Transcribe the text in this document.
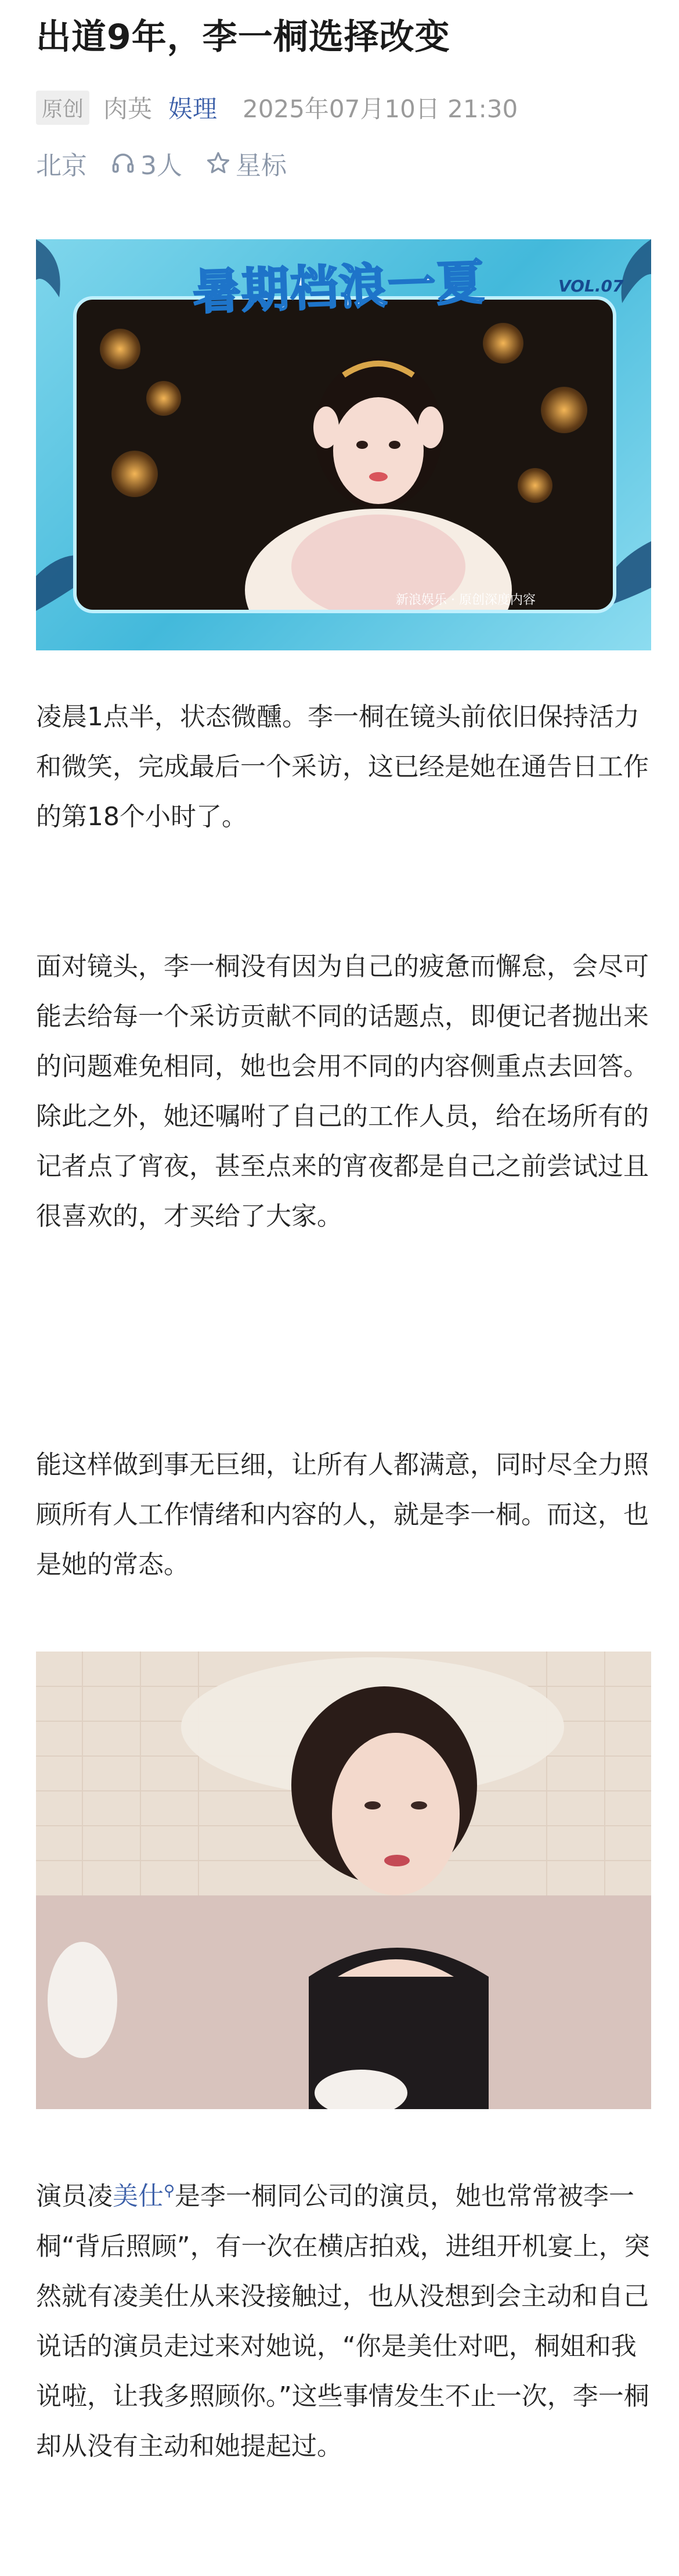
出道9年，李一桐选择改变
原创 肉英 娱理 2025年07月10日 21:30
北京 3人 星标
暑期档浪一夏	VOL.07
新浪娱乐 · 原创深度内容

凌晨1点半，状态微醺。李一桐在镜头前依旧保持活力和微笑，完成最后一个采访，这已经是她在通告日工作的第18个小时了。

面对镜头，李一桐没有因为自己的疲惫而懈怠，会尽可能去给每一个采访贡献不同的话题点，即便记者抛出来的问题难免相同，她也会用不同的内容侧重点去回答。除此之外，她还嘱咐了自己的工作人员，给在场所有的记者点了宵夜，甚至点来的宵夜都是自己之前尝试过且很喜欢的，才买给了大家。

能这样做到事无巨细，让所有人都满意，同时尽全力照顾所有人工作情绪和内容的人，就是李一桐。而这，也是她的常态。

演员凌美仕⚲是李一桐同公司的演员，她也常常被李一桐“背后照顾”，有一次在横店拍戏，进组开机宴上，突然就有凌美仕从来没接触过，也从没想到会主动和自己说话的演员走过来对她说，“你是美仕对吧，桐姐和我说啦，让我多照顾你。”这些事情发生不止一次，李一桐却从没有主动和她提起过。
